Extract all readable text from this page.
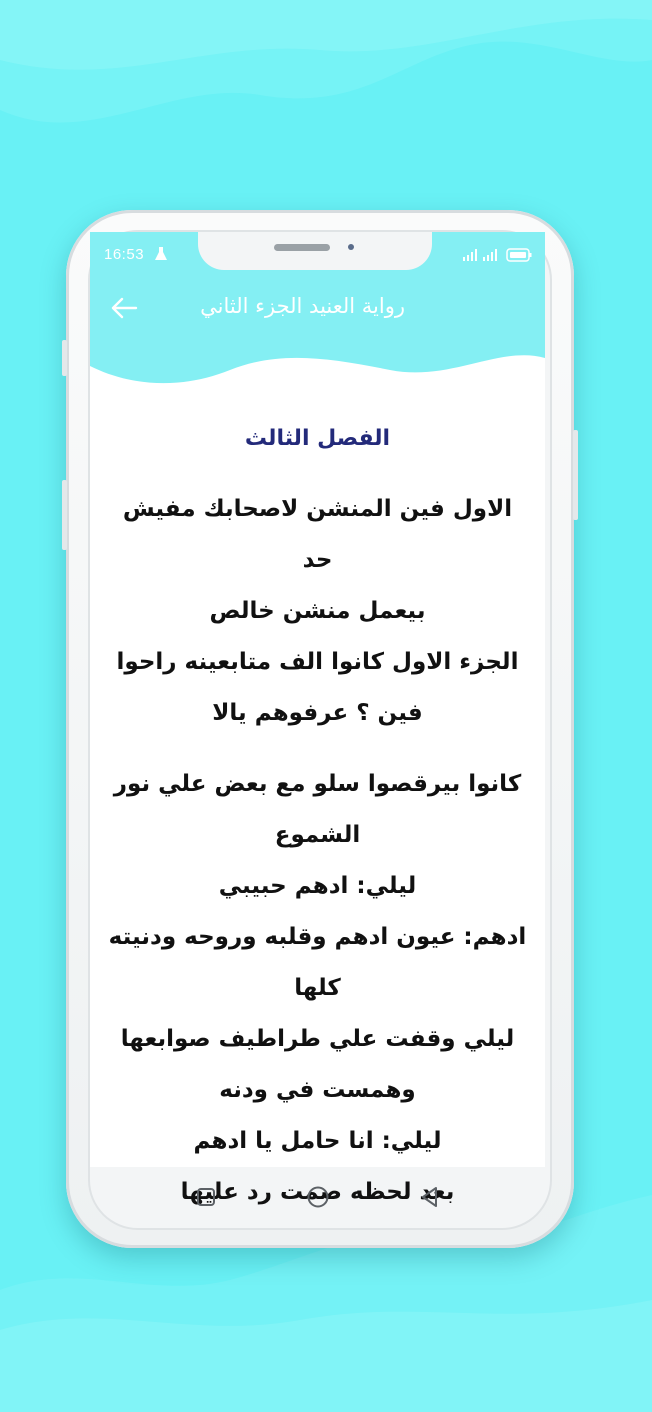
16:53
رواية العنيد الجزء الثاني
الفصل الثالث
الاول فين المنشن لاصحابك مفيش حد
بيعمل منشن خالص
الجزء الاول كانوا الف متابعينه راحوا
فين ؟ عرفوهم يالا
كانوا بيرقصوا سلو مع بعض علي نور
الشموع
ليلي: ادهم حبيبي
ادهم: عيون ادهم وقلبه وروحه ودنيته
كلها
ليلي وقفت علي طراطيف صوابعها
وهمست في ودنه
ليلي: انا حامل يا ادهم
بعد لحظه صمت رد عليها
